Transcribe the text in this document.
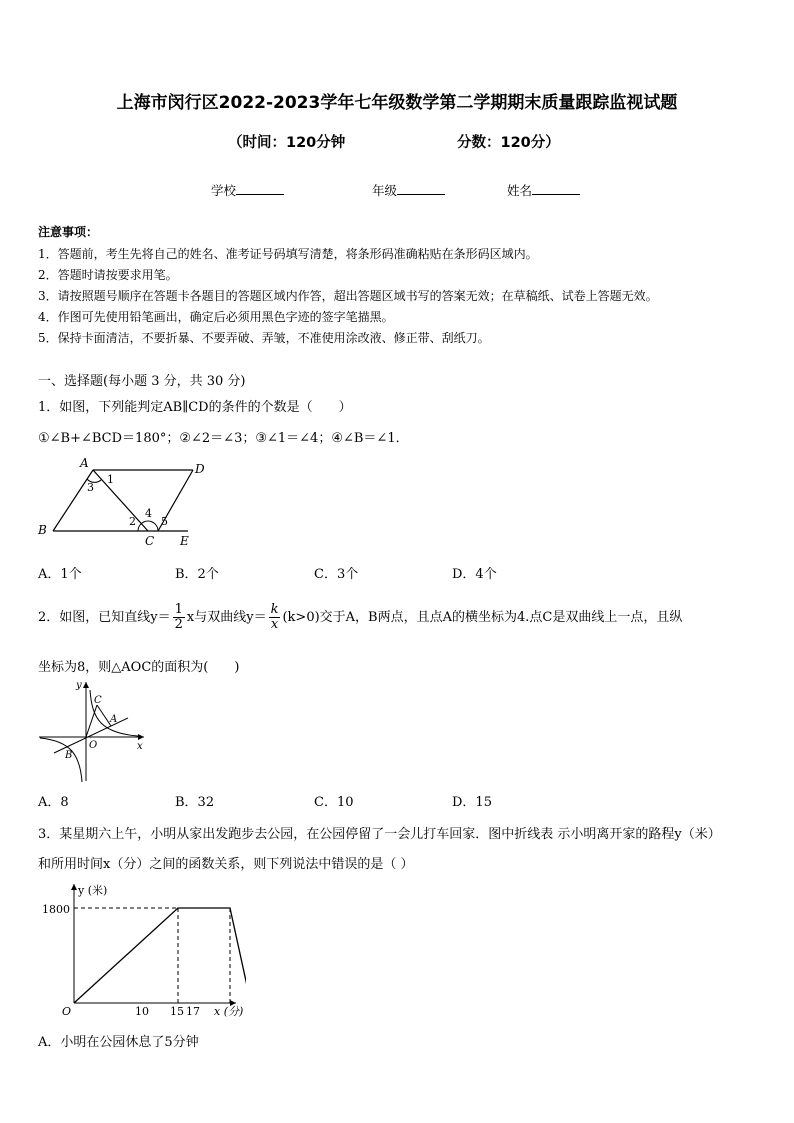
上海市闵行区2022-2023学年七年级数学第二学期期末质量跟踪监视试题
（时间：120分钟	分数：120分）
学校	年级	姓名
注意事项：
1．答题前，考生先将自己的姓名、准考证号码填写清楚，将条形码准确粘贴在条形码区域内。
2．答题时请按要求用笔。
3．请按照题号顺序在答题卡各题目的答题区域内作答，超出答题区域书写的答案无效；在草稿纸、试卷上答题无效。
4．作图可先使用铅笔画出，确定后必须用黑色字迹的签字笔描黑。
5．保持卡面清洁，不要折暴、不要弄破、弄皱，不准使用涂改液、修正带、刮纸刀。
一、选择题(每小题 3 分，共 30 分)
1．如图，下列能判定AB∥CD的条件的个数是（　　）
①∠B+∠BCD＝180°；②∠2＝∠3；③∠1＝∠4；④∠B＝∠1．
A	D
B
C E
1
2
3
4
5
A．1个	B．2个	C．3个	D．4个
2．如图，已知直线$y= \frac{1}{2}$ x与双曲线$y= \frac{k}{x} (k>0)$交于A，B两点，且点A的横坐标为4.点C是双曲线上一点，且纵
坐标为8，则△AOC的面积为(　　)
y
x
O
A
B
C
A．8	B．32	C．10	D．15
3．某星期六上午，小明从家出发跑步去公园，在公园停留了一会儿打车回家．图中折线表 示小明离开家的路程y（米）
和所用时间x（分）之间的函数关系，则下列说法中错误的是（ ）
y (米)
x (分)
1800
O	10 15 17
A．小明在公园休息了5分钟
